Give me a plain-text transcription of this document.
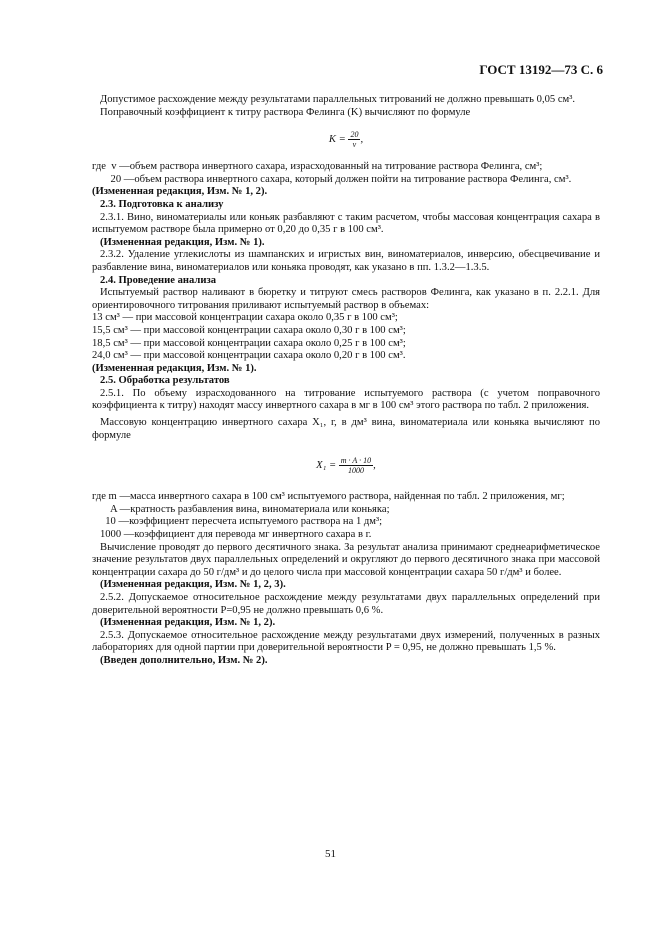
ГОСТ 13192—73 С. 6

Допустимое расхождение между результатами параллельных титрований не должно превышать 0,05 см³.

Поправочный коэффициент к титру раствора Фелинга (K) вычисляют по формуле

$K = \frac{20}{v}$ ,
где  v — объем раствора инвертного сахара, израсходованный на титрование раствора Фелинга, см³;
20 — объем раствора инвертного сахара, который должен пойти на титрование раствора Фелинга, см³.

(Измененная редакция, Изм. № 1, 2).

2.3. Подготовка к анализу

2.3.1. Вино, виноматериалы или коньяк разбавляют с таким расчетом, чтобы массовая концентрация сахара в испытуемом растворе была примерно от 0,20 до 0,35 г в 100 см³.

(Измененная редакция, Изм. № 1).

2.3.2. Удаление углекислоты из шампанских и игристых вин, виноматериалов, инверсию, обесцвечивание и разбавление вина, виноматериалов или коньяка проводят, как указано в пп. 1.3.2—1.3.5.

2.4. Проведение анализа

Испытуемый раствор наливают в бюретку и титруют смесь растворов Фелинга, как указано в п. 2.2.1. Для ориентировочного титрования приливают испытуемый раствор в объемах:

13 см³ — при массовой концентрации сахара около 0,35 г в 100 см³;

15,5 см³ — при массовой концентрации сахара около 0,30 г в 100 см³;

18,5 см³ — при массовой концентрации сахара около 0,25 г в 100 см³;

24,0 см³ — при массовой концентрации сахара около 0,20 г в 100 см³.

(Измененная редакция, Изм. № 1).

2.5. Обработка результатов

2.5.1. По объему израсходованного на титрование испытуемого раствора (с учетом поправочного коэффициента к титру) находят массу инвертного сахара в мг в 100 см³ этого раствора по табл. 2 приложения.

Массовую концентрацию инвертного сахара X₁, г, в дм³ вина, виноматериала или коньяка вычисляют по формуле

$X_1 = \frac{m \cdot A \cdot 10}{1000}$ ,
где m — масса инвертного сахара в 100 см³ испытуемого раствора, найденная по табл. 2 приложения, мг;
A — кратность разбавления вина, виноматериала или коньяка;
10 — коэффициент пересчета испытуемого раствора на 1 дм³;
1000 — коэффициент для перевода мг инвертного сахара в г.

Вычисление проводят до первого десятичного знака. За результат анализа принимают среднеарифметическое значение результатов двух параллельных определений и округляют до первого десятичного знака при массовой концентрации сахара до 50 г/дм³ и до целого числа при массовой концентрации сахара 50 г/дм³ и более.

(Измененная редакция, Изм. № 1, 2, 3).

2.5.2. Допускаемое относительное расхождение между результатами двух параллельных определений при доверительной вероятности P=0,95 не должно превышать 0,6 %.

(Измененная редакция, Изм. № 1, 2).

2.5.3. Допускаемое относительное расхождение между результатами двух измерений, полученных в разных лабораториях для одной партии при доверительной вероятности P = 0,95, не должно превышать 1,5 %.

(Введен дополнительно, Изм. № 2).

51
